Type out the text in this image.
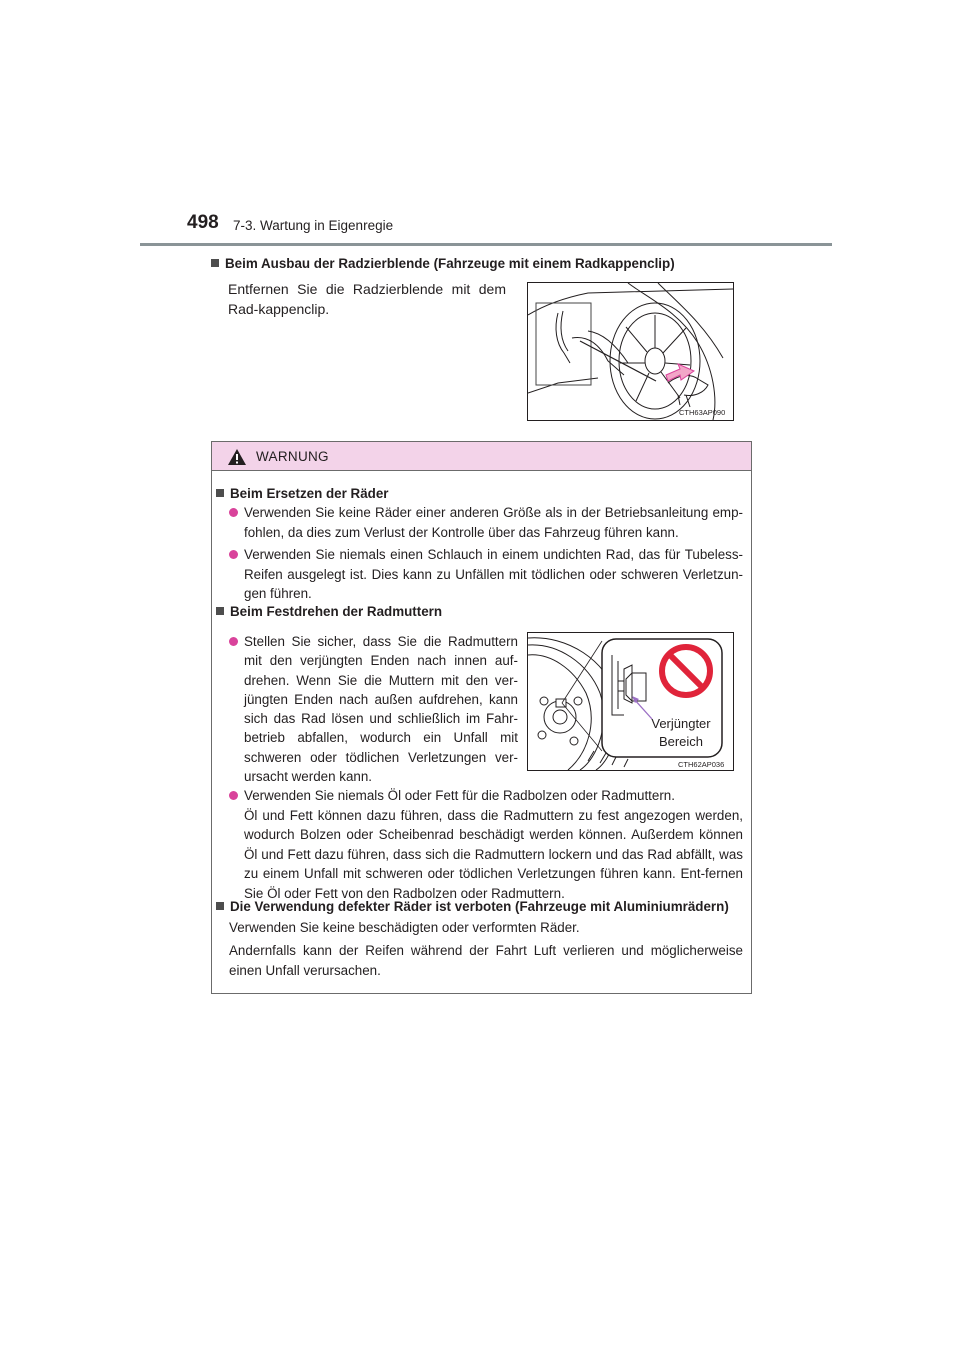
498 7-3. Wartung in Eigenregie
Beim Ausbau der Radzierblende (Fahrzeuge mit einem Radkappenclip)
Entfernen Sie die Radzierblende mit dem Rad-kappenclip.
CTH63AP090
WARNUNG
Beim Ersetzen der Räder
Verwenden Sie keine Räder einer anderen Größe als in der Betriebsanleitung emp-fohlen, da dies zum Verlust der Kontrolle über das Fahrzeug führen kann.
Verwenden Sie niemals einen Schlauch in einem undichten Rad, das für Tubeless-Reifen ausgelegt ist. Dies kann zu Unfällen mit tödlichen oder schweren Verletzun-gen führen.
Beim Festdrehen der Radmuttern
Stellen Sie sicher, dass Sie die Radmuttern mit den verjüngten Enden nach innen auf-drehen. Wenn Sie die Muttern mit den ver-jüngten Enden nach außen aufdrehen, kann sich das Rad lösen und schließlich im Fahr-betrieb abfallen, wodurch ein Unfall mit schweren oder tödlichen Verletzungen ver-ursacht werden kann.
Verjüngter
Bereich
CTH62AP036
Verwenden Sie niemals Öl oder Fett für die Radbolzen oder Radmuttern.
Öl und Fett können dazu führen, dass die Radmuttern zu fest angezogen werden, wodurch Bolzen oder Scheibenrad beschädigt werden können. Außerdem können Öl und Fett dazu führen, dass sich die Radmuttern lockern und das Rad abfällt, was zu einem Unfall mit schweren oder tödlichen Verletzungen führen kann. Ent-fernen Sie Öl oder Fett von den Radbolzen oder Radmuttern.
Die Verwendung defekter Räder ist verboten (Fahrzeuge mit Aluminiumrädern)
Verwenden Sie keine beschädigten oder verformten Räder.
Andernfalls kann der Reifen während der Fahrt Luft verlieren und möglicherweise einen Unfall verursachen.
